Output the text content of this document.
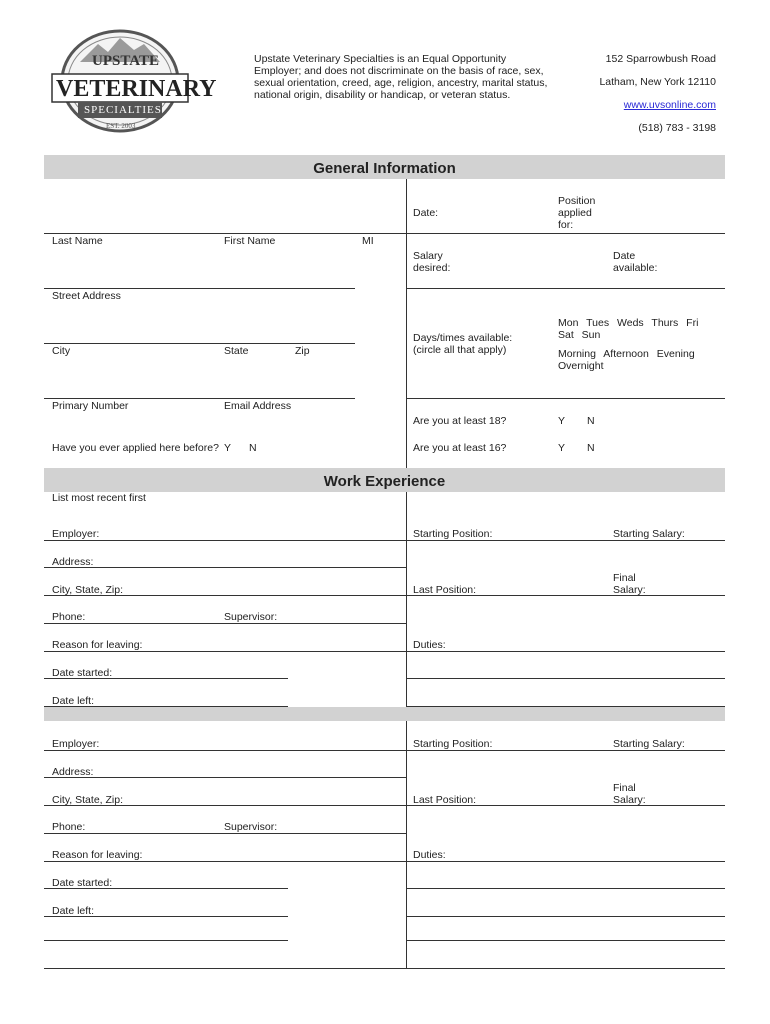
UPSTATE
VETERINARY
SPECIALTIES
EST. 2003
Upstate Veterinary Specialties is an Equal Opportunity Employer; and does not discriminate on the basis of race, sex, sexual orientation, creed, age, religion, ancestry, marital status, national origin, disability or handicap, or veteran status.
152 Sparrowbush Road
Latham, New York 12110
www.uvsonline.com
(518) 783 - 3198
General Information
Date:
Position applied for:
Last Name	First Name	MI
Salary desired:
Date available:
Street Address
Days/times available: (circle all that apply)
Mon Tues Weds Thurs Fri Sat Sun
Morning Afternoon Evening Overnight
City	State	Zip
Primary Number	Email Address
Are you at least 18?	Y N
Have you ever applied here before? Y N	Are you at least 16?	Y N
Work Experience
List most recent first
Employer:
Address:
City, State, Zip:
Phone:	Supervisor:
Reason for leaving:
Date started:
Date left:
Starting Position:	Starting Salary:
Last Position:
Final Salary:
Duties:
Employer:
Address:
City, State, Zip:
Phone:	Supervisor:
Reason for leaving:
Date started:
Date left:
Starting Position:	Starting Salary:
Last Position:
Final Salary:
Duties:
